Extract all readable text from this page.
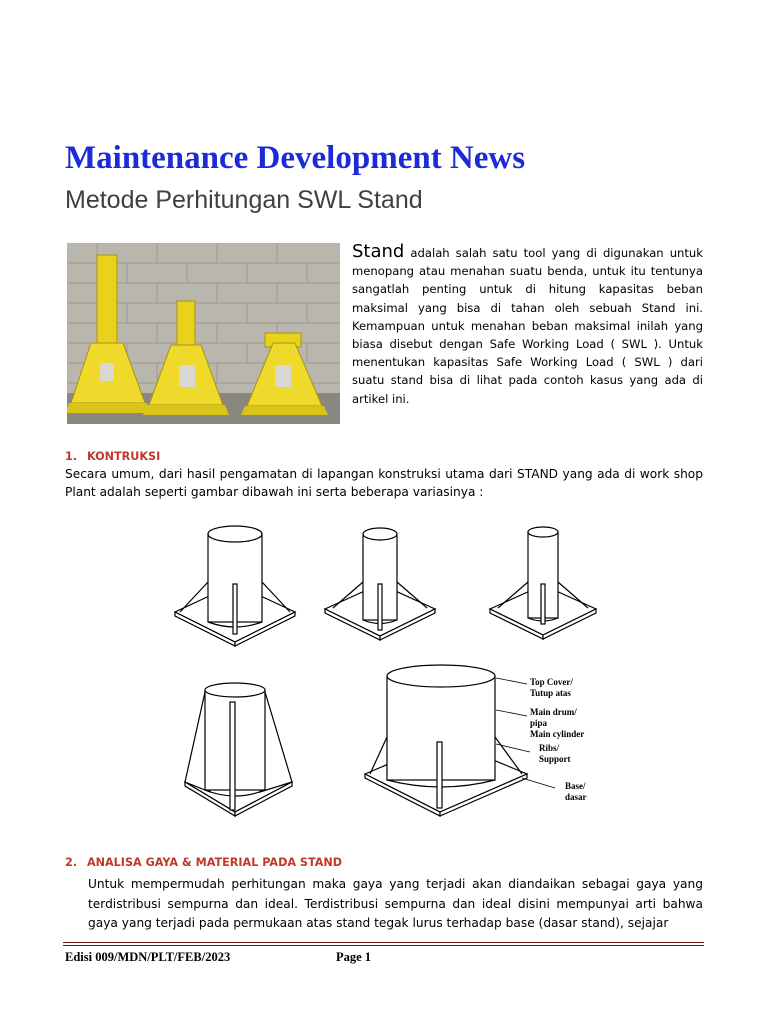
Maintenance Development News
Metode Perhitungan SWL Stand
Stand adalah salah satu tool yang di digunakan untuk menopang atau menahan suatu benda, untuk itu tentunya sangatlah penting untuk di hitung kapasitas beban maksimal yang bisa di tahan oleh sebuah Stand ini. Kemampuan untuk menahan beban maksimal inilah yang biasa disebut dengan Safe Working Load ( SWL ). Untuk menentukan kapasitas Safe Working Load ( SWL ) dari suatu stand bisa di lihat pada contoh kasus yang ada di artikel ini.
1. KONTRUKSI
Secara umum, dari hasil pengamatan di lapangan konstruksi utama dari STAND yang ada di work shop Plant adalah seperti gambar dibawah ini serta beberapa variasinya :
Top Cover/
Tutup atas
Main drum/
pipa
Main cylinder
Ribs/
Support
Base/
dasar
2. ANALISA GAYA & MATERIAL PADA STAND
Untuk mempermudah perhitungan maka gaya yang terjadi akan diandaikan sebagai gaya yang terdistribusi sempurna dan ideal. Terdistribusi sempurna dan ideal disini mempunyai arti bahwa gaya yang terjadi pada permukaan atas stand tegak lurus terhadap base (dasar stand), sejajar
Edisi 009/MDN/PLT/FEB/2023	Page 1
